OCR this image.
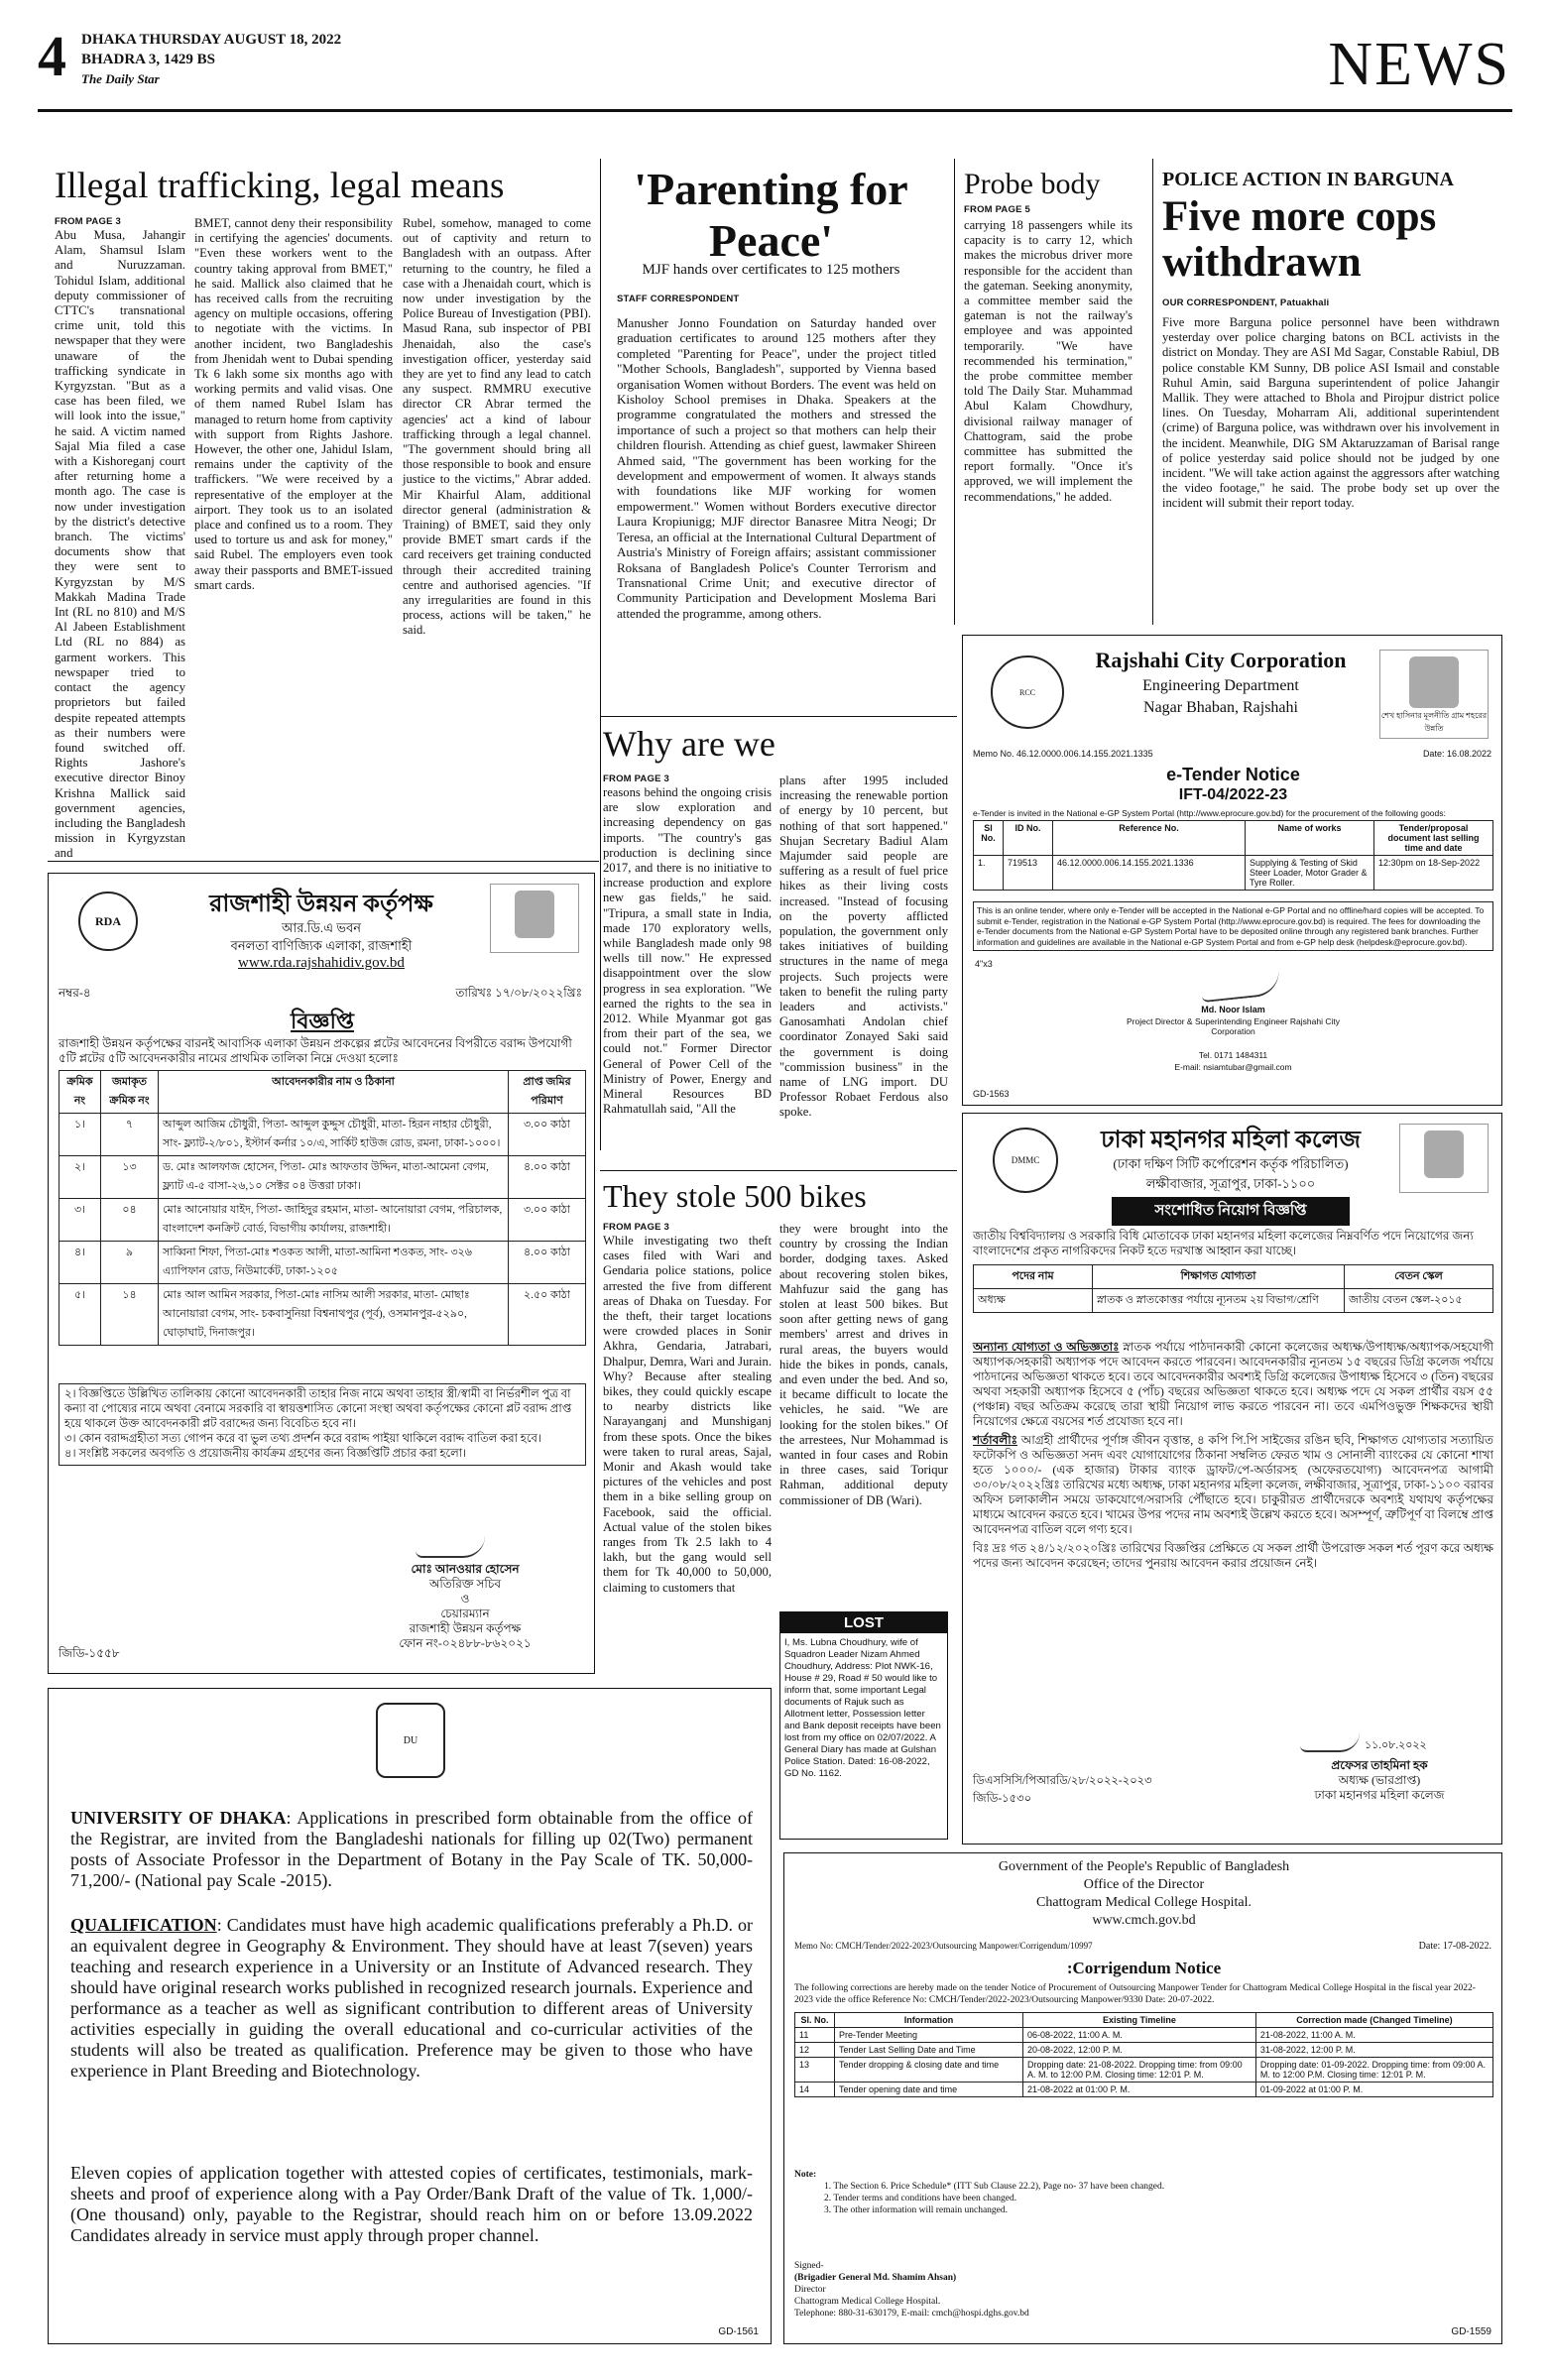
4 DHAKA THURSDAY AUGUST 18, 2022
BHADRA 3, 1429 BS
The Daily Star	NEWS
Illegal trafficking, legal means
FROM PAGE 3
Abu Musa, Jahangir Alam, Shamsul Islam and Nuruzzaman. Tohidul Islam, additional deputy commissioner of CTTC's transnational crime unit, told this newspaper that they were unaware of the trafficking syndicate in Kyrgyzstan. "But as a case has been filed, we will look into the issue," he said. A victim named Sajal Mia filed a case with a Kishoreganj court after returning home a month ago. The case is now under investigation by the district's detective branch. The victims' documents show that they were sent to Kyrgyzstan by M/S Makkah Madina Trade Int (RL no 810) and M/S Al Jabeen Establishment Ltd (RL no 884) as garment workers. This newspaper tried to contact the agency proprietors but failed despite repeated attempts as their numbers were found switched off. Rights Jashore's executive director Binoy Krishna Mallick said government agencies, including the Bangladesh mission in Kyrgyzstan and
BMET, cannot deny their responsibility in certifying the agencies' documents. "Even these workers went to the country taking approval from BMET," he said. Mallick also claimed that he has received calls from the recruiting agency on multiple occasions, offering to negotiate with the victims. In another incident, two Bangladeshis from Jhenidah went to Dubai spending Tk 6 lakh some six months ago with working permits and valid visas. One of them named Rubel Islam has managed to return home from captivity with support from Rights Jashore. However, the other one, Jahidul Islam, remains under the captivity of the traffickers. "We were received by a representative of the employer at the airport. They took us to an isolated place and confined us to a room. They used to torture us and ask for money," said Rubel. The employers even took away their passports and BMET-issued smart cards.
Rubel, somehow, managed to come out of captivity and return to Bangladesh with an outpass. After returning to the country, he filed a case with a Jhenaidah court, which is now under investigation by the Police Bureau of Investigation (PBI). Masud Rana, sub inspector of PBI Jhenaidah, also the case's investigation officer, yesterday said they are yet to find any lead to catch any suspect. RMMRU executive director CR Abrar termed the agencies' act a kind of labour trafficking through a legal channel. "The government should bring all those responsible to book and ensure justice to the victims," Abrar added. Mir Khairful Alam, additional director general (administration & Training) of BMET, said they only provide BMET smart cards if the card receivers get training conducted through their accredited training centre and authorised agencies. "If any irregularities are found in this process, actions will be taken," he said.
'Parenting for Peace'
MJF hands over certificates to 125 mothers
STAFF CORRESPONDENT
Manusher Jonno Foundation on Saturday handed over graduation certificates to around 125 mothers after they completed "Parenting for Peace", under the project titled "Mother Schools, Bangladesh", supported by Vienna based organisation Women without Borders. The event was held on Kisholoy School premises in Dhaka. Speakers at the programme congratulated the mothers and stressed the importance of such a project so that mothers can help their children flourish. Attending as chief guest, lawmaker Shireen Ahmed said, "The government has been working for the development and empowerment of women. It always stands with foundations like MJF working for women empowerment." Women without Borders executive director Laura Kropiunigg; MJF director Banasree Mitra Neogi; Dr Teresa, an official at the International Cultural Department of Austria's Ministry of Foreign affairs; assistant commissioner Roksana of Bangladesh Police's Counter Terrorism and Transnational Crime Unit; and executive director of Community Participation and Development Moslema Bari attended the programme, among others.
Probe body
FROM PAGE 5
carrying 18 passengers while its capacity is to carry 12, which makes the microbus driver more responsible for the accident than the gateman. Seeking anonymity, a committee member said the gateman is not the railway's employee and was appointed temporarily. "We have recommended his termination," the probe committee member told The Daily Star. Muhammad Abul Kalam Chowdhury, divisional railway manager of Chattogram, said the probe committee has submitted the report formally. "Once it's approved, we will implement the recommendations," he added.
POLICE ACTION IN BARGUNA
Five more cops withdrawn
OUR CORRESPONDENT, Patuakhali
Five more Barguna police personnel have been withdrawn yesterday over police charging batons on BCL activists in the district on Monday. They are ASI Md Sagar, Constable Rabiul, DB police constable KM Sunny, DB police ASI Ismail and constable Ruhul Amin, said Barguna superintendent of police Jahangir Mallik. They were attached to Bhola and Pirojpur district police lines. On Tuesday, Moharram Ali, additional superintendent (crime) of Barguna police, was withdrawn over his involvement in the incident. Meanwhile, DIG SM Aktaruzzaman of Barisal range of police yesterday said police should not be judged by one incident. "We will take action against the aggressors after watching the video footage," he said. The probe body set up over the incident will submit their report today.
RCC
Rajshahi City Corporation
Engineering Department
Nagar Bhaban, Rajshahi	শেখ হাসিনার মূলনীতি গ্রাম শহরের উন্নতি
Memo No. 46.12.0000.006.14.155.2021.1335	Date: 16.08.2022
e-Tender Notice
IFT-04/2022-23
e-Tender is invited in the National e-GP System Portal (http://www.eprocure.gov.bd) for the procurement of the following goods:
Sl No.	ID No.	Reference No.	Name of works	Tender/proposal document last selling time and date
1.	719513	46.12.0000.006.14.155.2021.1336	Supplying & Testing of Skid Steer Loader, Motor Grader & Tyre Roller.	12:30pm on 18-Sep-2022
This is an online tender, where only e-Tender will be accepted in the National e-GP Portal and no offline/hard copies will be accepted. To submit e-Tender, registration in the National e-GP System Portal (http://www.eprocure.gov.bd) is required. The fees for downloading the e-Tender documents from the National e-GP System Portal have to be deposited online through any registered bank branches. Further information and guidelines are available in the National e-GP System Portal and from e-GP help desk (helpdesk@eprocure.gov.bd).
4"x3
Md. Noor Islam
Project Director & Superintending Engineer Rajshahi City Corporation
Tel. 0171 1484311
E-mail: nsiamtubar@gmail.com
GD-1563
Why are we
FROM PAGE 3
reasons behind the ongoing crisis are slow exploration and increasing dependency on gas imports. "The country's gas production is declining since 2017, and there is no initiative to increase production and explore new gas fields," he said. "Tripura, a small state in India, made 170 exploratory wells, while Bangladesh made only 98 wells till now." He expressed disappointment over the slow progress in sea exploration. "We earned the rights to the sea in 2012. While Myanmar got gas from their part of the sea, we could not." Former Director General of Power Cell of the Ministry of Power, Energy and Mineral Resources BD Rahmatullah said, "All the
plans after 1995 included increasing the renewable portion of energy by 10 percent, but nothing of that sort happened." Shujan Secretary Badiul Alam Majumder said people are suffering as a result of fuel price hikes as their living costs increased. "Instead of focusing on the poverty afflicted population, the government only takes initiatives of building structures in the name of mega projects. Such projects were taken to benefit the ruling party leaders and activists." Ganosamhati Andolan chief coordinator Zonayed Saki said the government is doing "commission business" in the name of LNG import. DU Professor Robaet Ferdous also spoke.
They stole 500 bikes
FROM PAGE 3
While investigating two theft cases filed with Wari and Gendaria police stations, police arrested the five from different areas of Dhaka on Tuesday. For the theft, their target locations were crowded places in Sonir Akhra, Gendaria, Jatrabari, Dhalpur, Demra, Wari and Jurain. Why? Because after stealing bikes, they could quickly escape to nearby districts like Narayanganj and Munshiganj from these spots. Once the bikes were taken to rural areas, Sajal, Monir and Akash would take pictures of the vehicles and post them in a bike selling group on Facebook, said the official. Actual value of the stolen bikes ranges from Tk 2.5 lakh to 4 lakh, but the gang would sell them for Tk 40,000 to 50,000, claiming to customers that
they were brought into the country by crossing the Indian border, dodging taxes. Asked about recovering stolen bikes, Mahfuzur said the gang has stolen at least 500 bikes. But soon after getting news of gang members' arrest and drives in rural areas, the buyers would hide the bikes in ponds, canals, and even under the bed. And so, it became difficult to locate the vehicles, he said. "We are looking for the stolen bikes." Of the arrestees, Nur Mohammad is wanted in four cases and Robin in three cases, said Toriqur Rahman, additional deputy commissioner of DB (Wari).
LOST
I, Ms. Lubna Choudhury, wife of Squadron Leader Nizam Ahmed Choudhury, Address: Plot NWK-16, House # 29, Road # 50 would like to inform that, some important Legal documents of Rajuk such as Allotment letter, Possession letter and Bank deposit receipts have been lost from my office on 02/07/2022. A General Diary has made at Gulshan Police Station. Dated: 16-08-2022, GD No. 1162.
RDA
রাজশাহী উন্নয়ন কর্তৃপক্ষ
আর.ডি.এ ভবন
বনলতা বাণিজ্যিক এলাকা, রাজশাহী
www.rda.rajshahidiv.gov.bd
নম্বর-৪	তারিখঃ ১৭/০৮/২০২২খ্রিঃ
বিজ্ঞপ্তি
রাজশাহী উন্নয়ন কর্তৃপক্ষের বারনই আবাসিক এলাকা উন্নয়ন প্রকল্পের প্লটের আবেদনের বিপরীতে বরাদ্দ উপযোগী ৫টি প্লটের ৫টি আবেদনকারীর নামের প্রাথমিক তালিকা নিম্নে দেওয়া হলোঃ
ক্রমিক নং	জমাকৃত ক্রমিক নং	আবেদনকারীর নাম ও ঠিকানা	প্রাপ্ত জমির পরিমাণ
১।	৭	আব্দুল আজিম চৌধুরী, পিতা- আব্দুল কুদ্দুস চৌধুরী, মাতা- হিরন নাহার চৌধুরী, সাং- ফ্ল্যাট-২/৮০১, ইস্টার্ন কর্নার ১০/এ, সার্কিট হাউজ রোড, রমনা, ঢাকা-১০০০।	৩.০০ কাঠা
২।	১৩	ড. মোঃ আলফাজ হোসেন, পিতা- মোঃ আফতাব উদ্দিন, মাতা-আমেনা বেগম, ফ্ল্যাট এ-৫ বাসা-২৬,১০ সেক্টর ০৪ উত্তরা ঢাকা।	৪.০০ কাঠা
৩।	০৪	মোঃ আনোয়ার যাইদ, পিতা- জাহিদুর রহমান, মাতা- আনোয়ারা বেগম, পরিচালক, বাংলাদেশ কনক্রিট বোর্ড, বিভাগীয় কার্যালয়, রাজশাহী।	৩.০০ কাঠা
৪।	৯	সাব্বিনা শিফা, পিতা-মোঃ শওকত আলী, মাতা-আমিনা শওকত, সাং- ৩২৬ এ্যাপিফান রোড, নিউমার্কেট, ঢাকা-১২০৫	৪.০০ কাঠা
৫।	১৪	মোঃ আল আমিন সরকার, পিতা-মোঃ নাসিম আলী সরকার, মাতা- মোছাঃ আনোয়ারা বেগম, সাং- চকবাসুনিয়া বিশ্বনাথপুর (পূর্ব), ওসমানপুর-৫২৯০, ঘোড়াঘাট, দিনাজপুর।	২.৫০ কাঠা
২। বিজ্ঞপ্তিতে উল্লিখিত তালিকায় কোনো আবেদনকারী তাহার নিজ নামে অথবা তাহার স্ত্রী/স্বামী বা নির্ভরশীল পুত্র বা কন্যা বা পোষ্যের নামে অথবা বেনামে সরকারি বা স্বায়ত্তশাসিত কোনো সংস্থা অথবা কর্তৃপক্ষের কোনো প্লট বরাদ্দ প্রাপ্ত হয়ে থাকলে উক্ত আবেদনকারী প্লট বরাদ্দের জন্য বিবেচিত হবে না।
৩। কোন বরাদ্দগ্রহীতা সত্য গোপন করে বা ভুল তথ্য প্রদর্শন করে বরাদ্দ পাইয়া থাকিলে বরাদ্দ বাতিল করা হবে।
৪। সংশ্লিষ্ট সকলের অবগতি ও প্রয়োজনীয় কার্যক্রম গ্রহণের জন্য বিজ্ঞপ্তিটি প্রচার করা হলো।
মোঃ আনওয়ার হোসেন
অতিরিক্ত সচিব
ও
চেয়ারম্যান
রাজশাহী উন্নয়ন কর্তৃপক্ষ
ফোন নং-০২৪৮৮-৮৬২০২১
জিডি-১৫৫৮
DMMC
ঢাকা মহানগর মহিলা কলেজ
(ঢাকা দক্ষিণ সিটি কর্পোরেশন কর্তৃক পরিচালিত)
লক্ষীবাজার, সূত্রাপুর, ঢাকা-১১০০
সংশোধিত নিয়োগ বিজ্ঞপ্তি
জাতীয় বিশ্ববিদ্যালয় ও সরকারি বিধি মোতাবেক ঢাকা মহানগর মহিলা কলেজের নিম্নবর্ণিত পদে নিয়োগের জন্য বাংলাদেশের প্রকৃত নাগরিকদের নিকট হতে দরখাস্ত আহ্বান করা যাচ্ছে।
পদের নাম	শিক্ষাগত যোগ্যতা	বেতন স্কেল
অধ্যক্ষ	স্নাতক ও স্নাতকোত্তর পর্যায়ে ন্যূনতম ২য় বিভাগ/শ্রেণি	জাতীয় বেতন স্কেল-২০১৫
অন্যান্য যোগ্যতা ও অভিজ্ঞতাঃ স্নাতক পর্যায়ে পাঠদানকারী কোনো কলেজের অধ্যক্ষ/উপাধ্যক্ষ/অধ্যাপক/সহযোগী অধ্যাপক/সহকারী অধ্যাপক পদে আবেদন করতে পারবেন। আবেদনকারীর ন্যূনতম ১৫ বছরের ডিগ্রি কলেজ পর্যায়ে পাঠদানের অভিজ্ঞতা থাকতে হবে। তবে আবেদনকারীর অবশ্যই ডিগ্রি কলেজের উপাধ্যক্ষ হিসেবে ৩ (তিন) বছরের অথবা সহকারী অধ্যাপক হিসেবে ৫ (পাঁচ) বছরের অভিজ্ঞতা থাকতে হবে। অধ্যক্ষ পদে যে সকল প্রার্থীর বয়স ৫৫ (পঞ্চান্ন) বছর অতিক্রম করেছে তারা স্থায়ী নিয়োগ লাভ করতে পারবেন না। তবে এমপিওভুক্ত শিক্ষকদের স্থায়ী নিয়োগের ক্ষেত্রে বয়সের শর্ত প্রযোজ্য হবে না।
শর্তাবলীঃ আগ্রহী প্রার্থীদের পূর্ণাঙ্গ জীবন বৃত্তান্ত, ৪ কপি পি.পি সাইজের রঙিন ছবি, শিক্ষাগত যোগ্যতার সত্যায়িত ফটোকপি ও অভিজ্ঞতা সনদ এবং যোগাযোগের ঠিকানা সম্বলিত ফেরত খাম ও সোনালী ব্যাংকের যে কোনো শাখা হতে ১০০০/- (এক হাজার) টাকার ব্যাংক ড্রাফট/পে-অর্ডারসহ (অফেরতযোগ্য) আবেদনপত্র আগামী ৩০/০৮/২০২২খ্রিঃ তারিখের মধ্যে অধ্যক্ষ, ঢাকা মহানগর মহিলা কলেজ, লক্ষীবাজার, সূত্রাপুর, ঢাকা-১১০০ বরাবর অফিস চলাকালীন সময়ে ডাকযোগে/সরাসরি পৌঁছাতে হবে। চাকুরীরত প্রার্থীদেরকে অবশ্যই যথাযথ কর্তৃপক্ষের মাধ্যমে আবেদন করতে হবে। খামের উপর পদের নাম অবশ্যই উল্লেখ করতে হবে। অসম্পূর্ণ, ত্রুটিপূর্ণ বা বিলম্বে প্রাপ্ত আবেদনপত্র বাতিল বলে গণ্য হবে।
বিঃ দ্রঃ গত ২৪/১২/২০২০খ্রিঃ তারিখের বিজ্ঞপ্তির প্রেক্ষিতে যে সকল প্রার্থী উপরোক্ত সকল শর্ত পূরণ করে অধ্যক্ষ পদের জন্য আবেদন করেছেন; তাদের পুনরায় আবেদন করার প্রয়োজন নেই।
১১.০৮.২০২২
প্রফেসর তাহমিনা হক
অধ্যক্ষ (ভারপ্রাপ্ত)
ঢাকা মহানগর মহিলা কলেজ
ডিএসসিসি/পিআরডি/২৮/২০২২-২০২৩
জিডি-১৫৩০
DU
UNIVERSITY OF DHAKA: Applications in prescribed form obtainable from the office of the Registrar, are invited from the Bangladeshi nationals for filling up 02(Two) permanent posts of Associate Professor in the Department of Botany in the Pay Scale of TK. 50,000-71,200/- (National pay Scale -2015).
QUALIFICATION: Candidates must have high academic qualifications preferably a Ph.D. or an equivalent degree in Geography & Environment. They should have at least 7(seven) years teaching and research experience in a University or an Institute of Advanced research. They should have original research works published in recognized research journals. Experience and performance as a teacher as well as significant contribution to different areas of University activities especially in guiding the overall educational and co-curricular activities of the students will also be treated as qualification. Preference may be given to those who have experience in Plant Breeding and Biotechnology.
Eleven copies of application together with attested copies of certificates, testimonials, mark-sheets and proof of experience along with a Pay Order/Bank Draft of the value of Tk. 1,000/-(One thousand) only, payable to the Registrar, should reach him on or before 13.09.2022 Candidates already in service must apply through proper channel.
GD-1561
Government of the People's Republic of Bangladesh
Office of the Director
Chattogram Medical College Hospital.
www.cmch.gov.bd
Memo No: CMCH/Tender/2022-2023/Outsourcing Manpower/Corrigendum/10997	Date: 17-08-2022.
:Corrigendum Notice
The following corrections are hereby made on the tender Notice of Procurement of Outsourcing Manpower Tender for Chattogram Medical College Hospital in the fiscal year 2022-2023 vide the office Reference No: CMCH/Tender/2022-2023/Outsourcing Manpower/9330 Date: 20-07-2022.
Sl. No.	Information	Existing Timeline	Correction made (Changed Timeline)
11	Pre-Tender Meeting	06-08-2022, 11:00 A. M.	21-08-2022, 11:00 A. M.
12	Tender Last Selling Date and Time	20-08-2022, 12:00 P. M.	31-08-2022, 12:00 P. M.
13	Tender dropping & closing date and time	Dropping date: 21-08-2022. Dropping time: from 09:00 A. M. to 12:00 P.M. Closing time: 12:01 P. M.	Dropping date: 01-09-2022. Dropping time: from 09:00 A. M. to 12:00 P.M. Closing time: 12:01 P. M.
14	Tender opening date and time	21-08-2022 at 01:00 P. M.	01-09-2022 at 01:00 P. M.
Note:
1. The Section 6. Price Schedule* (ITT Sub Clause 22.2), Page no- 37 have been changed.
2. Tender terms and conditions have been changed.
3. The other information will remain unchanged.
Signed-
(Brigadier General Md. Shamim Ahsan)
Director
Chattogram Medical College Hospital.
Telephone: 880-31-630179, E-mail: cmch@hospi.dghs.gov.bd
GD-1559
